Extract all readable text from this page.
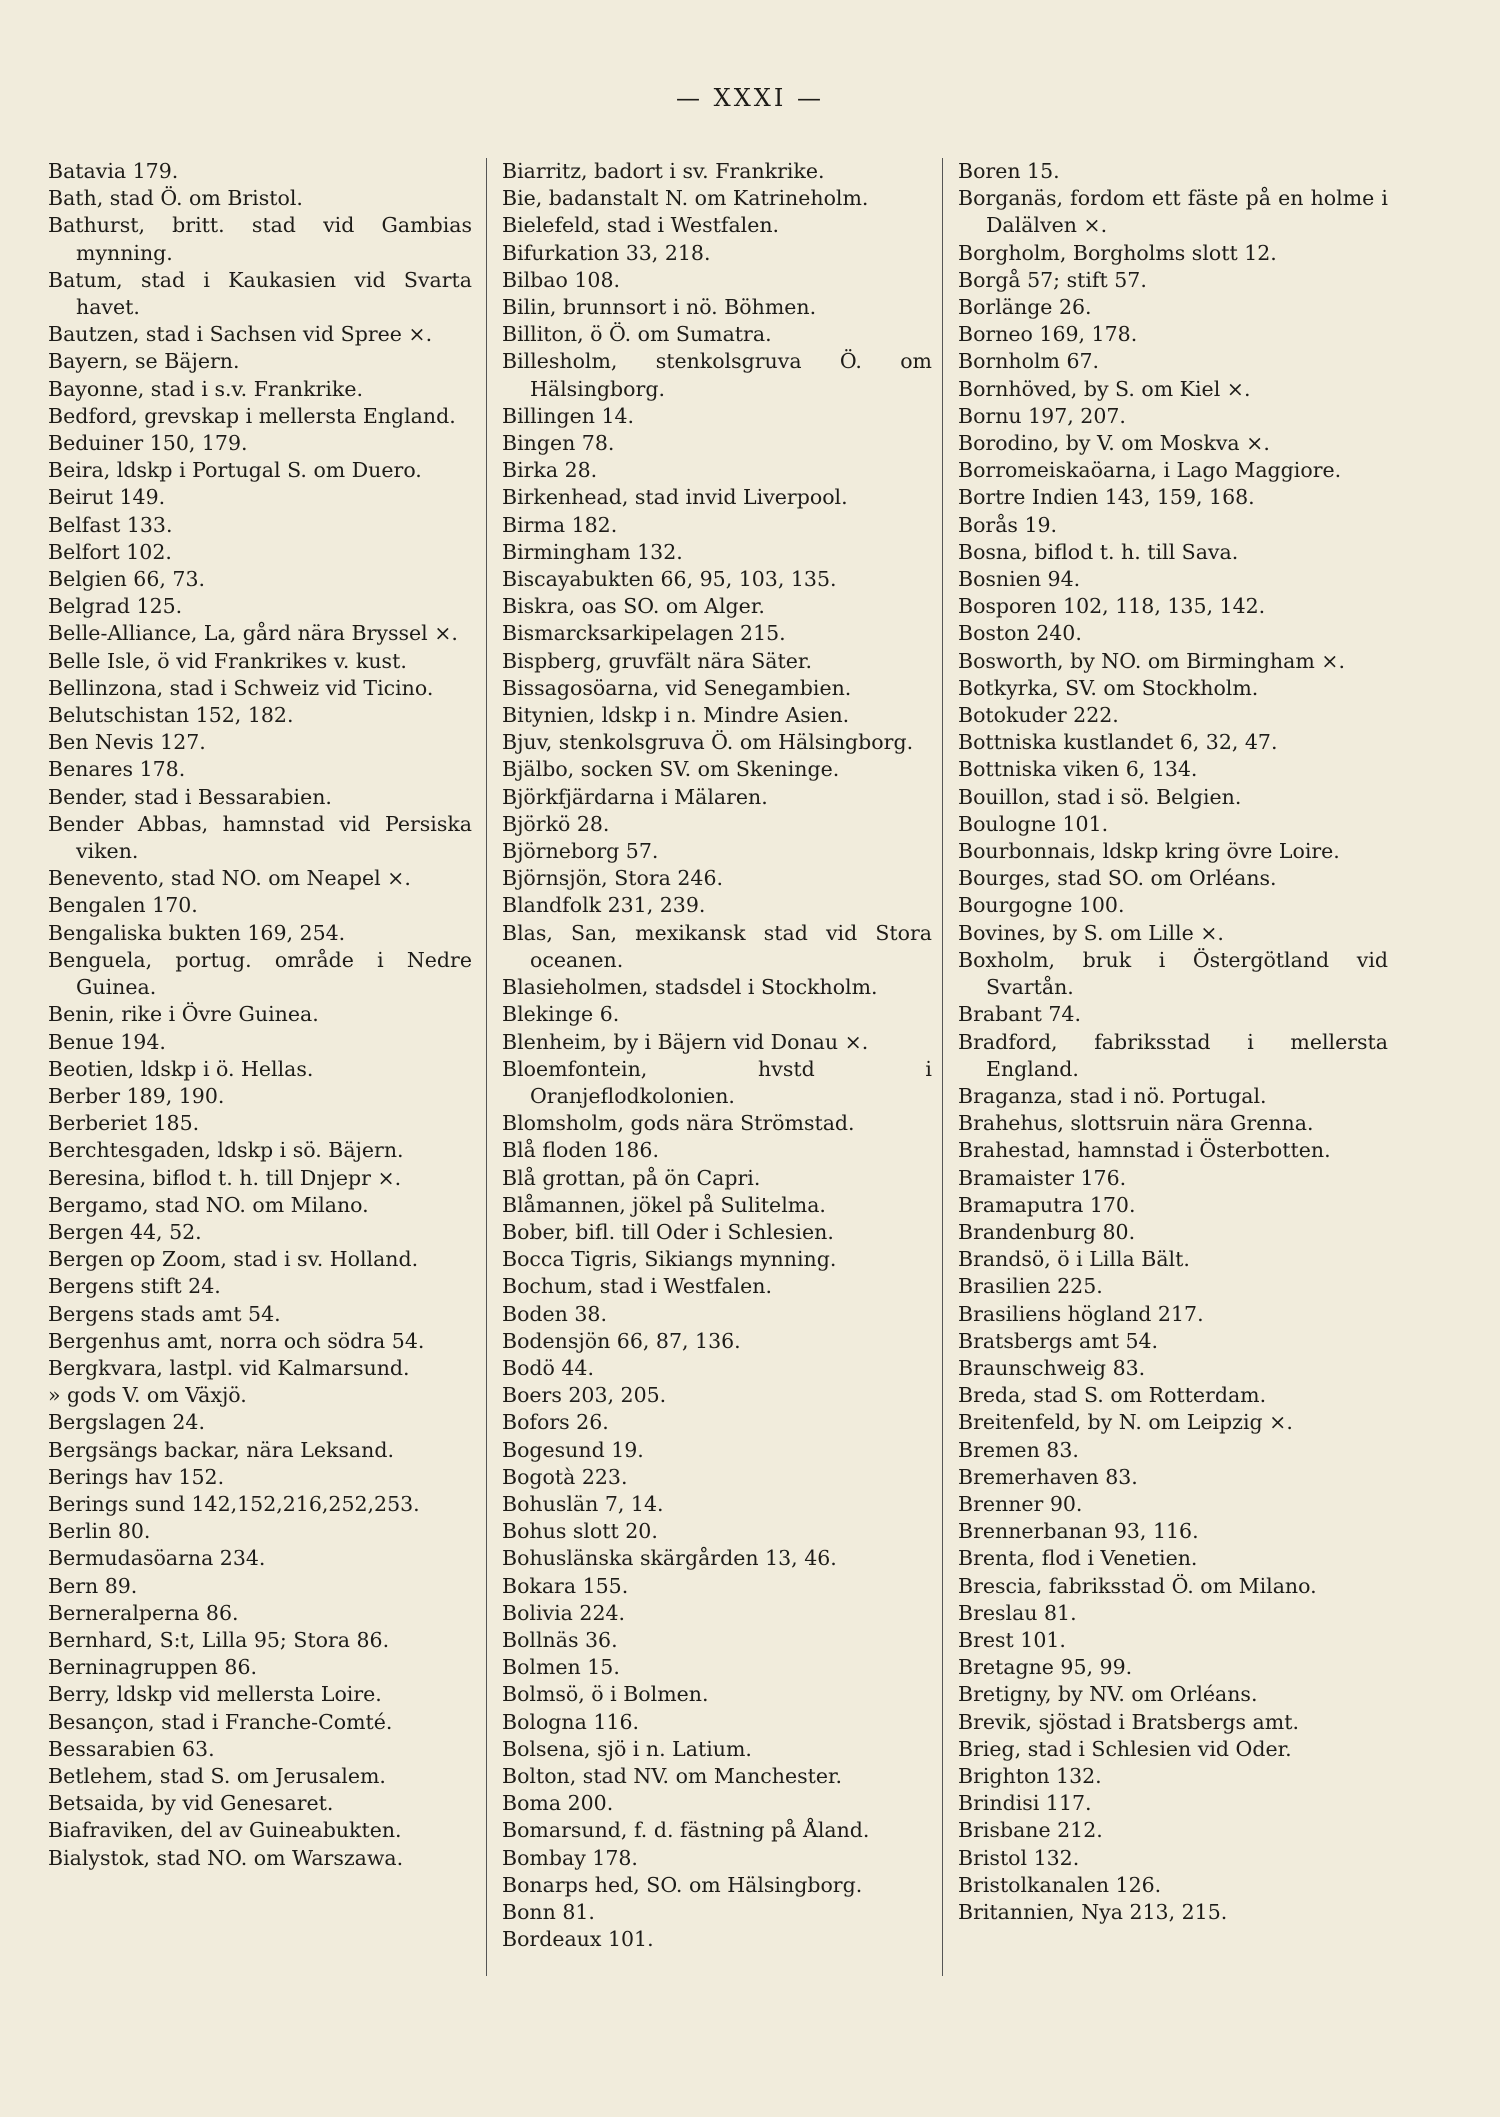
— XXXI —

Batavia 179.

Bath, stad Ö. om Bristol.

Bathurst, britt. stad vid Gambias mynning.

Batum, stad i Kaukasien vid Svarta havet.

Bautzen, stad i Sachsen vid Spree ⨯.

Bayern, se Bäjern.

Bayonne, stad i s.v. Frankrike.

Bedford, grevskap i mellersta England.

Beduiner 150, 179.

Beira, ldskp i Portugal S. om Duero.

Beirut 149.

Belfast 133.

Belfort 102.

Belgien 66, 73.

Belgrad 125.

Belle-Alliance, La, gård nära Bryssel ⨯.

Belle Isle, ö vid Frankrikes v. kust.

Bellinzona, stad i Schweiz vid Ticino.

Belutschistan 152, 182.

Ben Nevis 127.

Benares 178.

Bender, stad i Bessarabien.

Bender Abbas, hamnstad vid Persiska viken.

Benevento, stad NO. om Neapel ⨯.

Bengalen 170.

Bengaliska bukten 169, 254.

Benguela, portug. område i Nedre Guinea.

Benin, rike i Övre Guinea.

Benue 194.

Beotien, ldskp i ö. Hellas.

Berber 189, 190.

Berberiet 185.

Berchtesgaden, ldskp i sö. Bäjern.

Beresina, biflod t. h. till Dnjepr ⨯.

Bergamo, stad NO. om Milano.

Bergen 44, 52.

Bergen op Zoom, stad i sv. Holland.

Bergens stift 24.

Bergens stads amt 54.

Bergenhus amt, norra och södra 54.

Bergkvara, lastpl. vid Kalmarsund.

» gods V. om Växjö.

Bergslagen 24.

Bergsängs backar, nära Leksand.

Berings hav 152.

Berings sund 142,152,216,252,253.

Berlin 80.

Bermudasöarna 234.

Bern 89.

Berneralperna 86.

Bernhard, S:t, Lilla 95; Stora 86.

Berninagruppen 86.

Berry, ldskp vid mellersta Loire.

Besançon, stad i Franche-Comté.

Bessarabien 63.

Betlehem, stad S. om Jerusalem.

Betsaida, by vid Genesaret.

Biafraviken, del av Guineabukten.

Bialystok, stad NO. om Warszawa.

Biarritz, badort i sv. Frankrike.

Bie, badanstalt N. om Katrineholm.

Bielefeld, stad i Westfalen.

Bifurkation 33, 218.

Bilbao 108.

Bilin, brunnsort i nö. Böhmen.

Billiton, ö Ö. om Sumatra.

Billesholm, stenkolsgruva Ö. om Hälsingborg.

Billingen 14.

Bingen 78.

Birka 28.

Birkenhead, stad invid Liverpool.

Birma 182.

Birmingham 132.

Biscayabukten 66, 95, 103, 135.

Biskra, oas SO. om Alger.

Bismarcksarkipelagen 215.

Bispberg, gruvfält nära Säter.

Bissagosöarna, vid Senegambien.

Bitynien, ldskp i n. Mindre Asien.

Bjuv, stenkolsgruva Ö. om Hälsingborg.

Bjälbo, socken SV. om Skeninge.

Björkfjärdarna i Mälaren.

Björkö 28.

Björneborg 57.

Björnsjön, Stora 246.

Blandfolk 231, 239.

Blas, San, mexikansk stad vid Stora oceanen.

Blasieholmen, stadsdel i Stockholm.

Blekinge 6.

Blenheim, by i Bäjern vid Donau ⨯.

Bloemfontein, hvstd i Oranjeflodkolonien.

Blomsholm, gods nära Strömstad.

Blå floden 186.

Blå grottan, på ön Capri.

Blåmannen, jökel på Sulitelma.

Bober, bifl. till Oder i Schlesien.

Bocca Tigris, Sikiangs mynning.

Bochum, stad i Westfalen.

Boden 38.

Bodensjön 66, 87, 136.

Bodö 44.

Boers 203, 205.

Bofors 26.

Bogesund 19.

Bogotà 223.

Bohuslän 7, 14.

Bohus slott 20.

Bohuslänska skärgården 13, 46.

Bokara 155.

Bolivia 224.

Bollnäs 36.

Bolmen 15.

Bolmsö, ö i Bolmen.

Bologna 116.

Bolsena, sjö i n. Latium.

Bolton, stad NV. om Manchester.

Boma 200.

Bomarsund, f. d. fästning på Åland.

Bombay 178.

Bonarps hed, SO. om Hälsingborg.

Bonn 81.

Bordeaux 101.

Boren 15.

Borganäs, fordom ett fäste på en holme i Dalälven ⨯.

Borgholm, Borgholms slott 12.

Borgå 57; stift 57.

Borlänge 26.

Borneo 169, 178.

Bornholm 67.

Bornhöved, by S. om Kiel ⨯.

Bornu 197, 207.

Borodino, by V. om Moskva ⨯.

Borromeiskaöarna, i Lago Maggiore.

Bortre Indien 143, 159, 168.

Borås 19.

Bosna, biflod t. h. till Sava.

Bosnien 94.

Bosporen 102, 118, 135, 142.

Boston 240.

Bosworth, by NO. om Birmingham ⨯.

Botkyrka, SV. om Stockholm.

Botokuder 222.

Bottniska kustlandet 6, 32, 47.

Bottniska viken 6, 134.

Bouillon, stad i sö. Belgien.

Boulogne 101.

Bourbonnais, ldskp kring övre Loire.

Bourges, stad SO. om Orléans.

Bourgogne 100.

Bovines, by S. om Lille ⨯.

Boxholm, bruk i Östergötland vid Svartån.

Brabant 74.

Bradford, fabriksstad i mellersta England.

Braganza, stad i nö. Portugal.

Brahehus, slottsruin nära Grenna.

Brahestad, hamnstad i Österbotten.

Bramaister 176.

Bramaputra 170.

Brandenburg 80.

Brandsö, ö i Lilla Bält.

Brasilien 225.

Brasiliens högland 217.

Bratsbergs amt 54.

Braunschweig 83.

Breda, stad S. om Rotterdam.

Breitenfeld, by N. om Leipzig ⨯.

Bremen 83.

Bremerhaven 83.

Brenner 90.

Brennerbanan 93, 116.

Brenta, flod i Venetien.

Brescia, fabriksstad Ö. om Milano.

Breslau 81.

Brest 101.

Bretagne 95, 99.

Bretigny, by NV. om Orléans.

Brevik, sjöstad i Bratsbergs amt.

Brieg, stad i Schlesien vid Oder.

Brighton 132.

Brindisi 117.

Brisbane 212.

Bristol 132.

Bristolkanalen 126.

Britannien, Nya 213, 215.
